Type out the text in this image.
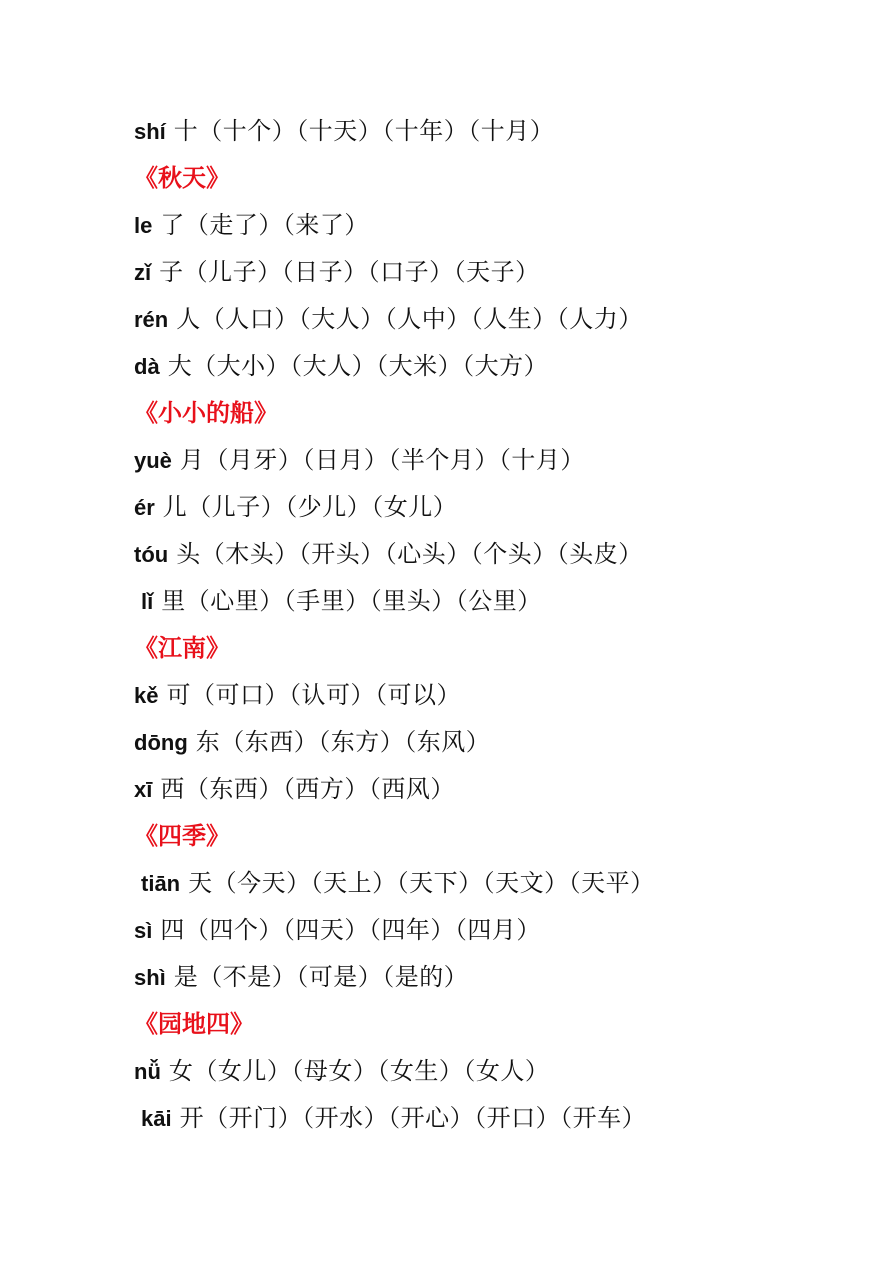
shí 十（十个）（十天）（十年）（十月）
《秋天》
le 了（走了）（来了）
zǐ 子（儿子）（日子）（口子）（天子）
rén 人（人口）（大人）（人中）（人生）（人力）
dà 大（大小）（大人）（大米）（大方）
《小小的船》
yuè 月（月牙）（日月）（半个月）（十月）
ér 儿（儿子）（少儿）（女儿）
tóu 头（木头）（开头）（心头）（个头）（头皮）
lǐ 里（心里）（手里）（里头）（公里）
《江南》
kě 可（可口）（认可）（可以）
dōng 东（东西）（东方）（东风）
xī 西（东西）（西方）（西风）
《四季》
tiān 天（今天）（天上）（天下）（天文）（天平）
sì 四（四个）（四天）（四年）（四月）
shì 是（不是）（可是）（是的）
《园地四》
nǚ 女（女儿）（母女）（女生）（女人）
kāi 开（开门）（开水）（开心）（开口）（开车）
